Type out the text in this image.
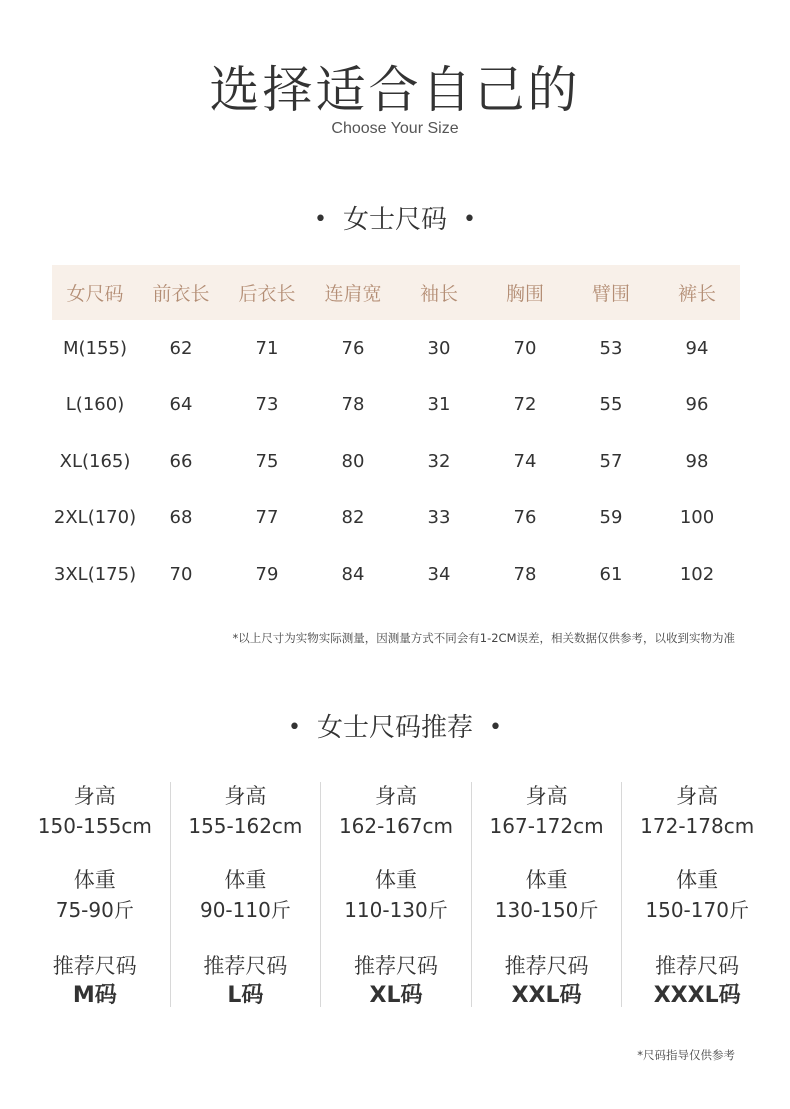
选择适合自己的
Choose Your Size
• 女士尺码 •
女尺码	前衣长	后衣长	连肩宽	袖长	胸围	臂围	裤长
M(155)	62	71	76	30	70	53	94
L(160)	64	73	78	31	72	55	96
XL(165)	66	75	80	32	74	57	98
2XL(170)	68	77	82	33	76	59	100
3XL(175)	70	79	84	34	78	61	102
*以上尺寸为实物实际测量，因测量方式不同会有1-2CM误差，相关数据仅供参考，以收到实物为准
• 女士尺码推荐 •
身高
150-155cm
体重
75-90斤
推荐尺码
M码
身高
155-162cm
体重
90-110斤
推荐尺码
L码
身高
162-167cm
体重
110-130斤
推荐尺码
XL码
身高
167-172cm
体重
130-150斤
推荐尺码
XXL码
身高
172-178cm
体重
150-170斤
推荐尺码
XXXL码
*尺码指导仅供参考
